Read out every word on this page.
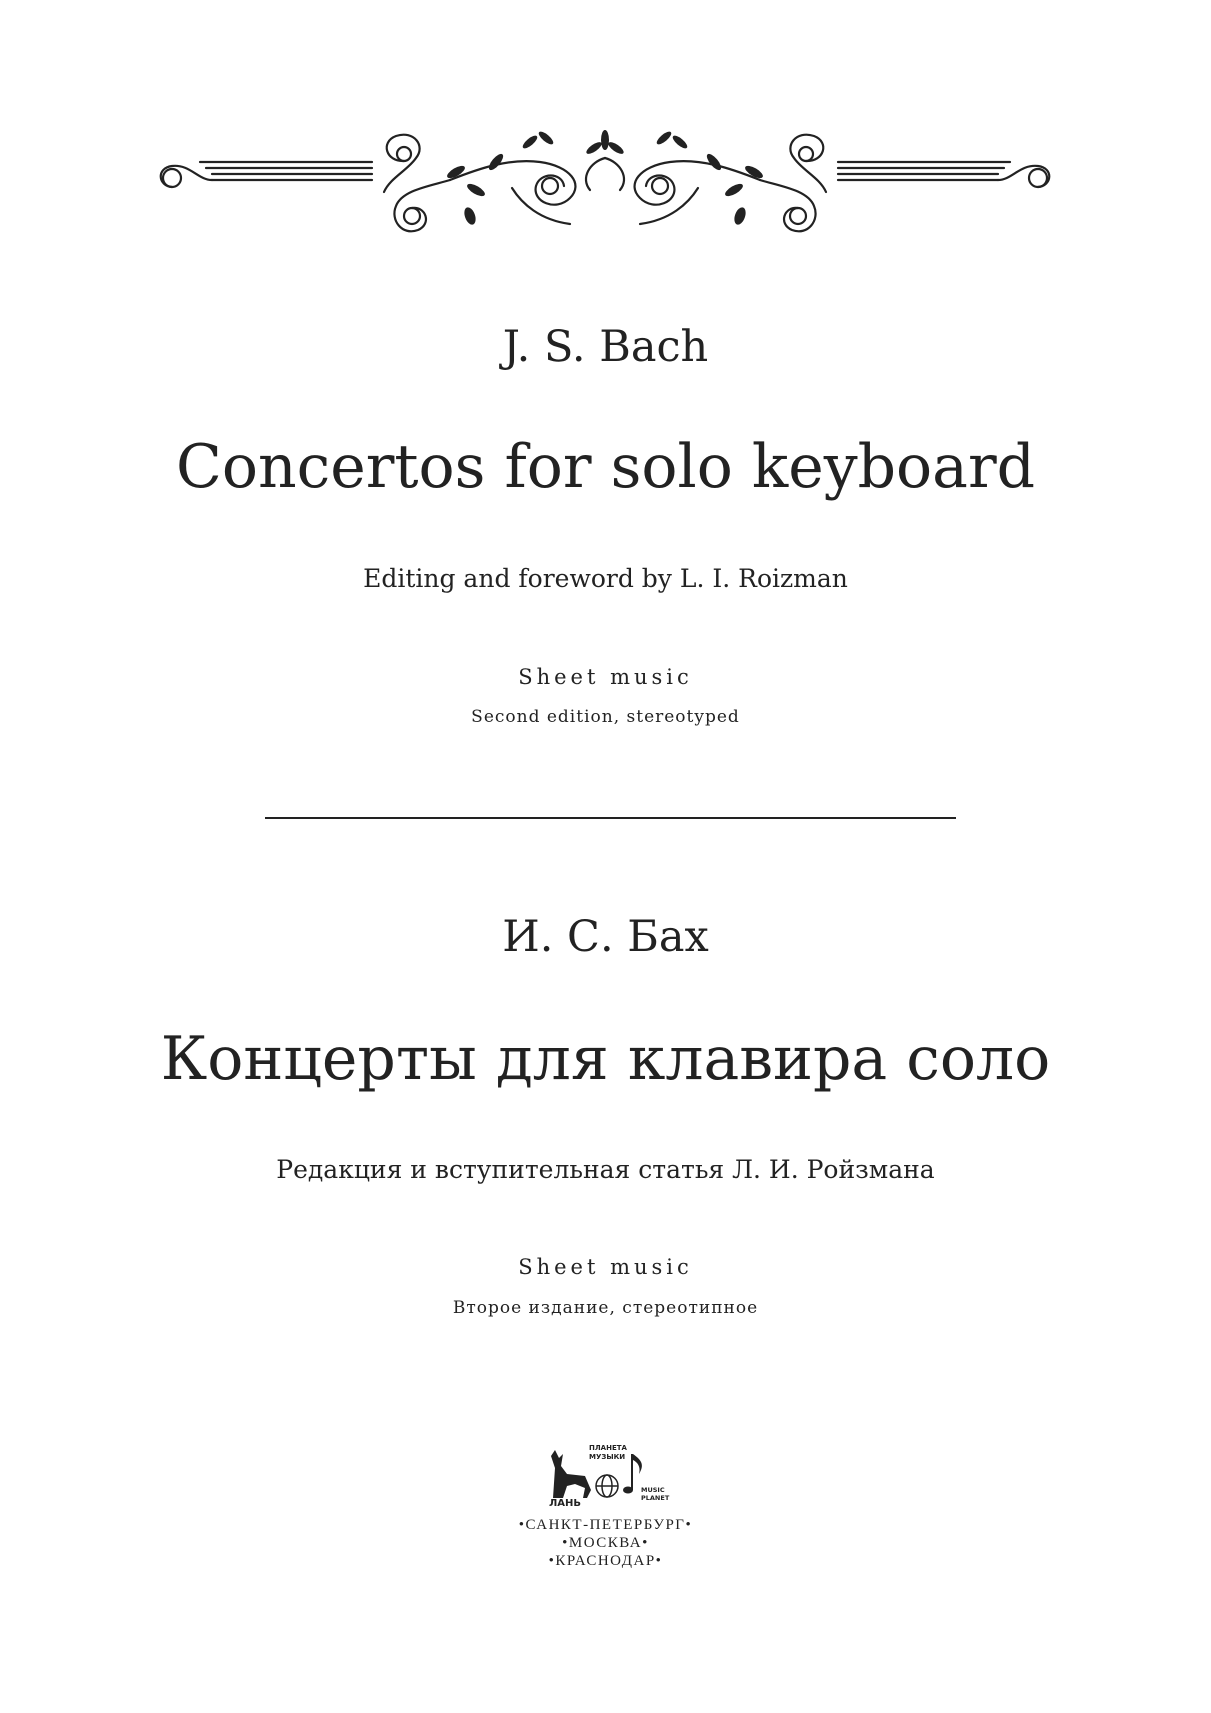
J. S. Bach
Concertos for solo keyboard
Editing and foreword by L. I. Roizman
Sheet music
Second edition, stereotyped
И. С. Бах
Концерты для клавира соло
Редакция и вступительная статья Л. И. Ройзмана
Sheet music
Второе издание, стереотипное
ЛАНЬ
ПЛАНЕТА
МУЗЫКИ
MUSIC
PLANET
•САНКТ-ПЕТЕРБУРГ•
•МОСКВА•
•КРАСНОДАР•
